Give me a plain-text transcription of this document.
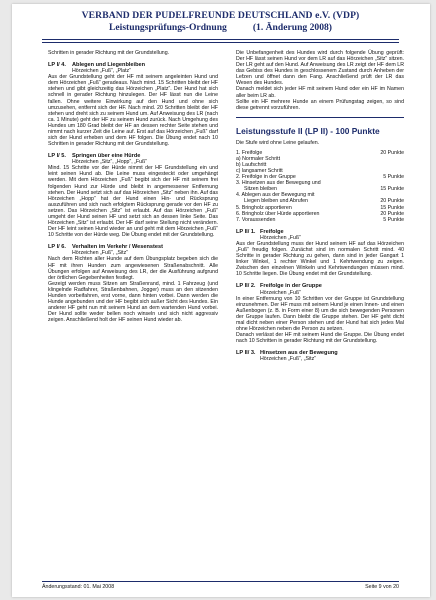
VERBAND DER PUDELFREUNDE DEUTSCHLAND e.V. (VDP)
Leistungsprüfungs-Ordnung	(1. Änderung 2008)

Schritten in gerader Richtung mit der Grundstellung.

LP I/ 4. Ablegen und Liegenbleiben
Hörzeichen „Fuß“, „Platz“

Aus der Grundstellung geht der HF mit seinem angeleinten Hund und dem Hörzeichen „Fuß“ geradeaus. Nach mind. 15 Schritten bleibt der HF stehen und gibt gleichzeitig das Hörzeichen „Platz“. Der Hund hat sich schnell in gerader Richtung hinzulegen. Der HF lässt nun die Leine fallen. Ohne weitere Einwirkung auf den Hund und ohne sich umzusehen, entfernt sich der HF. Nach mind. 20 Schritten bleibt der HF stehen und dreht sich zu seinem Hund um. Auf Anweisung des LR (nach ca. 1 Minute) geht der HF zu seinem Hund zurück. Nach Umgehung des Hundes um 180 Grad bleibt der HF an dessen rechter Seite stehen und nimmt nach kurzer Zeit die Leine auf. Erst auf das Hörzeichen „Fuß“ darf sich der Hund erheben und dem HF folgen. Die Übung endet nach 10 Schritten in gerader Richtung mit der Grundstellung.

LP I/ 5. Springen über eine Hürde
Hörzeichen „Sitz“, „Hopp“, „Fuß“

Mind. 15 Schritte vor der Hürde nimmt der HF Grundstellung ein und leint seinen Hund ab. Die Leine muss eingesteckt oder umgehängt werden. Mit dem Hörzeichen „Fuß“ begibt sich der HF mit seinem frei folgenden Hund zur Hürde und bleibt in angemessener Entfernung stehen. Der Hund setzt sich auf das Hörzeichen „Sitz“ neben ihn. Auf das Hörzeichen „Hopp“ hat der Hund einen Hin- und Rücksprung auszuführen und sich nach erfolgtem Rücksprung gerade vor den HF zu setzen. Das Hörzeichen „Sitz“ ist erlaubt. Auf das Hörzeichen „Fuß“ umgeht der Hund seinen HF und setzt sich an dessen linke Seite. Das Hörzeichen „Sitz“ ist erlaubt. Der HF darf seine Stellung nicht verändern. Der HF leint seinen Hund wieder an und geht mit dem Hörzeichen „Fuß“ 10 Schritte von der Hürde weg. Die Übung endet mit der Grundstellung.

LP I/ 6. Verhalten im Verkehr / Wesenstest
Hörzeichen „Fuß“, „Sitz“

Nach dem Richten aller Hunde auf dem Übungsplatz begeben sich die HF mit ihren Hunden zum angewiesenen Straßenabschnitt. Alle Übungen erfolgen auf Anweisung des LR, der die Ausführung aufgrund der örtlichen Gegebenheiten festlegt.

Gezeigt werden muss Sitzen am Straßenrand, mind. 1 Fahrzeug (und klingelnde Radfahrer, Straßenbahnen, Jogger) muss an den sitzenden Hunden vorbeifahren, erst vorne, dann hinten vorbei. Dann werden die Hunde angebunden und der HF begibt sich außer Sicht des Hundes. Ein anderer HF geht nun mit seinem Hund an dem wartenden Hund vorbei. Der Hund sollte weder bellen noch winseln und sich nicht aggressiv zeigen. Anschließend holt der HF seinen Hund wieder ab.

Die Unbefangenheit des Hundes wird durch folgende Übung geprüft: Der HF lässt seinen Hund vor dem LR auf das Hörzeichen „Sitz“ sitzen. Der LR geht auf den Hund. Auf Anweisung des LR zeigt der HF dem LR das Gebiss des Hundes in geschlossenem Zustand durch Anheben der Lefzen und öffnet dann den Fang. Anschließend prüft der LR das Wesen des Hundes.

Danach meldet sich jeder HF mit seinem Hund oder ein HF im Namen aller beim LR ab.

Sollte ein HF mehrere Hunde an einem Prüfungstag zeigen, so sind diese getrennt vorzuführen.

Leistungsstufe II (LP II) - 100 Punkte

Die Stufe wird ohne Leine gelaufen.

1. Freifolge	20 Punkte
a) Normaler Schritt	
b) Laufschritt	
c) langsamer Schritt	
2. Freifolge in der Gruppe	5 Punkte
3. Hinsetzen aus der Bewegung und	
Sitzen bleiben	15 Punkte
4. Ablegen aus der Bewegung mit	
Liegen bleiben und Abrufen	20 Punkte
5. Bringholz apportieren	15 Punkte
6. Bringholz über Hürde apportieren	20 Punkte
7. Voraussenden	5 Punkte
LP II/ 1. Freifolge
Hörzeichen „Fuß“

Aus der Grundstellung muss der Hund seinem HF auf das Hörzeichen „Fuß“ freudig folgen. Zunächst sind im normalen Schritt mind. 40 Schritte in gerader Richtung zu gehen, dann sind in jeder Gangart 1 linker Winkel, 1 rechter Winkel und 1 Kehrtwendung zu zeigen. Zwischen den einzelnen Winkeln und Kehrtwendungen müssen mind. 10 Schritte liegen. Die Übung endet mit der Grundstellung.

LP II/ 2. Freifolge in der Gruppe
Hörzeichen „Fuß“

In einer Entfernung von 10 Schritten vor der Gruppe ist Grundstellung einzunehmen. Der HF muss mit seinem Hund je einen Innen- und einen Außenbogen (z. B. in Form einer 8) um die sich bewegenden Personen der Gruppe laufen. Dann bleibt die Gruppe stehen. Der HF geht dicht mal dicht neben einer Person stehen und der Hund hat sich jedes Mal ohne Hörzeichen neben die Person zu setzen.

Danach verlässt der HF mit seinem Hund die Gruppe. Die Übung endet nach 10 Schritten in gerader Richtung mit der Grundstellung.

LP II/ 3. Hinsetzen aus der Bewegung
Hörzeichen „Fuß“, „Sitz“
Änderungsstand: 01. Mai 2008	Seite 9 von 20
